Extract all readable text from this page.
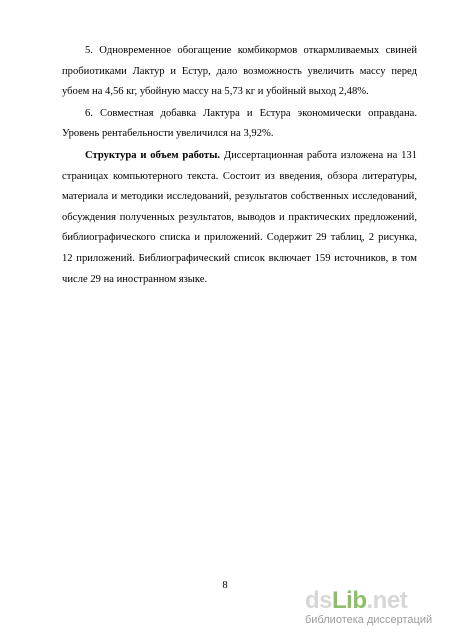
5. Одновременное обогащение комбикормов откармливаемых свиней пробиотиками Лактур и Естур, дало возможность увеличить массу перед убоем на 4,56 кг, убойную массу на 5,73 кг и убойный выход 2,48%.

6. Совместная добавка Лактура и Естура экономически оправдана. Уровень рентабельности увеличился на 3,92%.

Структура и объем работы. Диссертационная работа изложена на 131 страницах компьютерного текста. Состоит из введения, обзора литературы, материала и методики исследований, результатов собственных исследований, обсуждения полученных результатов, выводов и практических предложений, библиографического списка и приложений. Содержит 29 таблиц, 2 рисунка, 12 приложений. Библиографический список включает 159 источников, в том числе 29 на иностранном языке.

8
dsLib.net
библиотека диссертаций
